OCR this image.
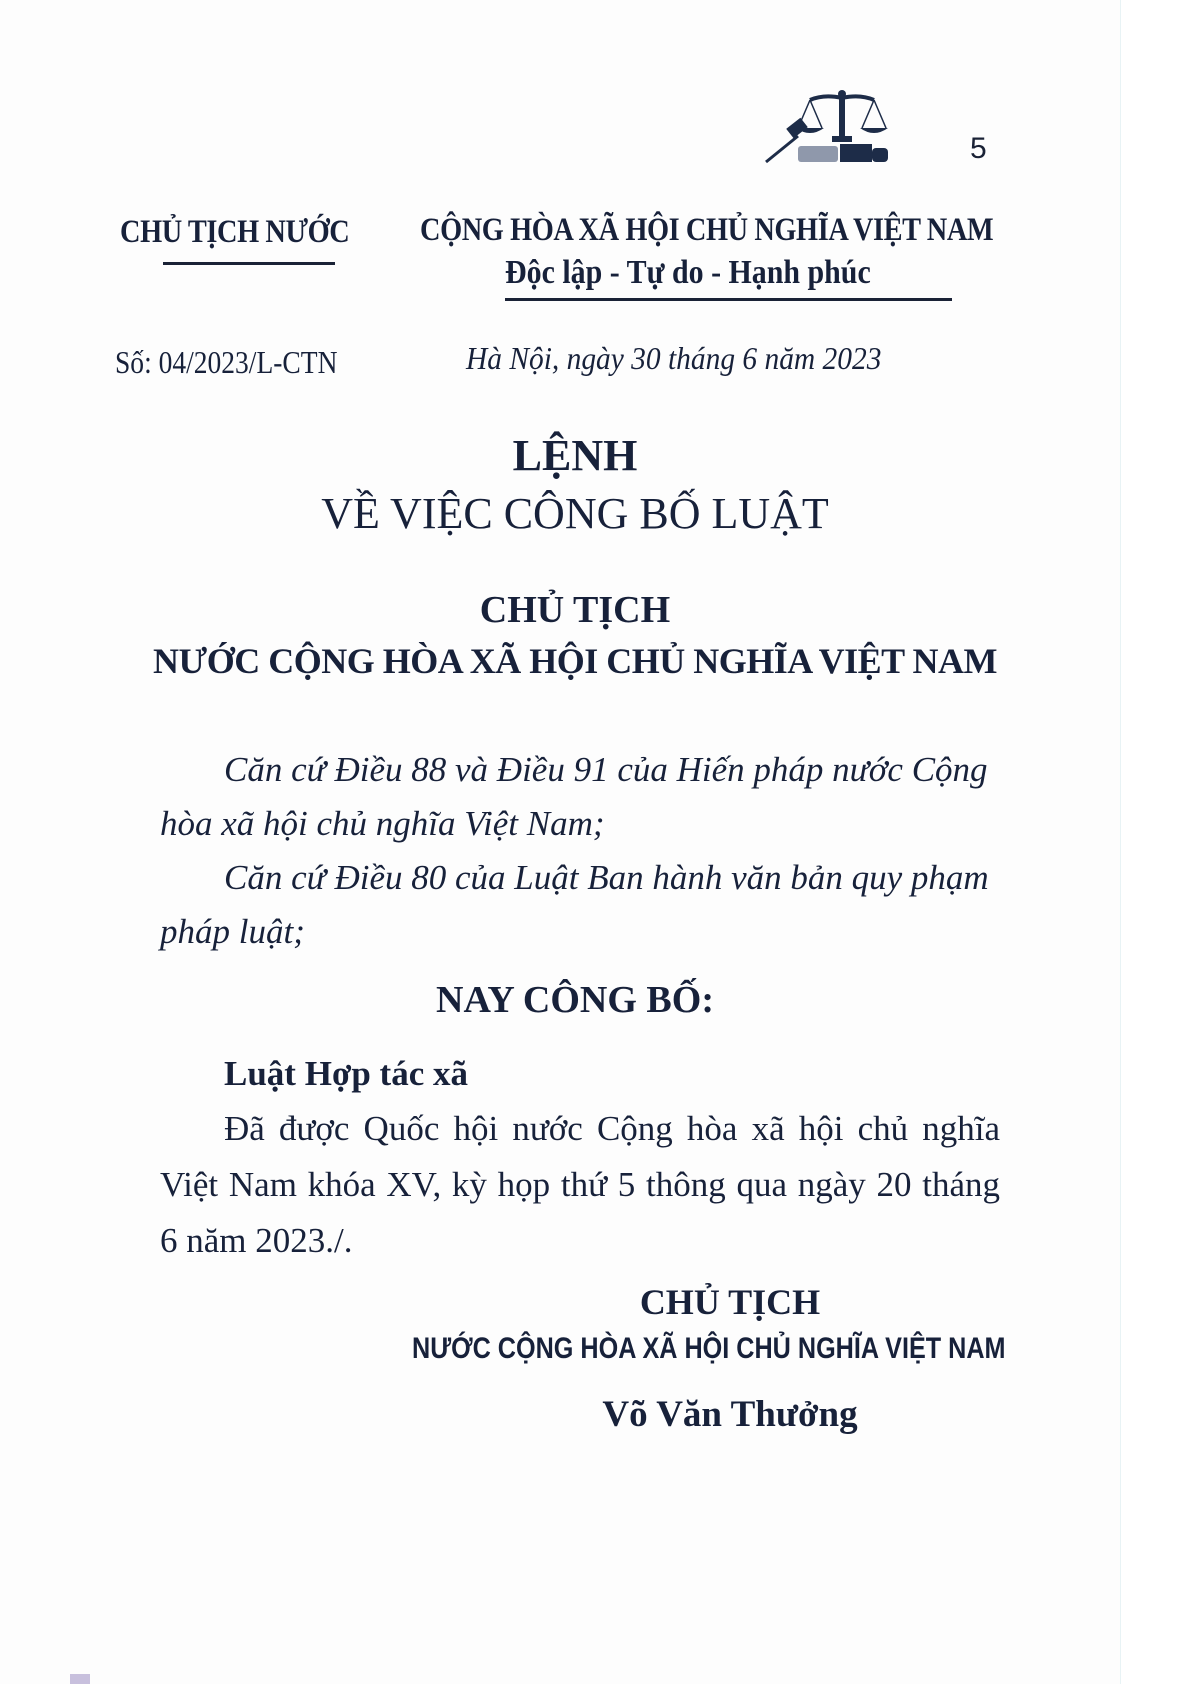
5
CHỦ TỊCH NƯỚC CỘNG HÒA XÃ HỘI CHỦ NGHĨA VIỆT NAM
Độc lập - Tự do - Hạnh phúc
Số: 04/2023/L-CTN	Hà Nội, ngày 30 tháng 6 năm 2023
LỆNH
VỀ VIỆC CÔNG BỐ LUẬT
CHỦ TỊCH
NƯỚC CỘNG HÒA XÃ HỘI CHỦ NGHĨA VIỆT NAM
Căn cứ Điều 88 và Điều 91 của Hiến pháp nước Cộng hòa xã hội chủ nghĩa Việt Nam;
Căn cứ Điều 80 của Luật Ban hành văn bản quy phạm pháp luật;
NAY CÔNG BỐ:
Luật Hợp tác xã
Đã được Quốc hội nước Cộng hòa xã hội chủ nghĩa Việt Nam khóa XV, kỳ họp thứ 5 thông qua ngày 20 tháng 6 năm 2023./.
CHỦ TỊCH
NƯỚC CỘNG HÒA XÃ HỘI CHỦ NGHĨA VIỆT NAM
Võ Văn Thưởng
